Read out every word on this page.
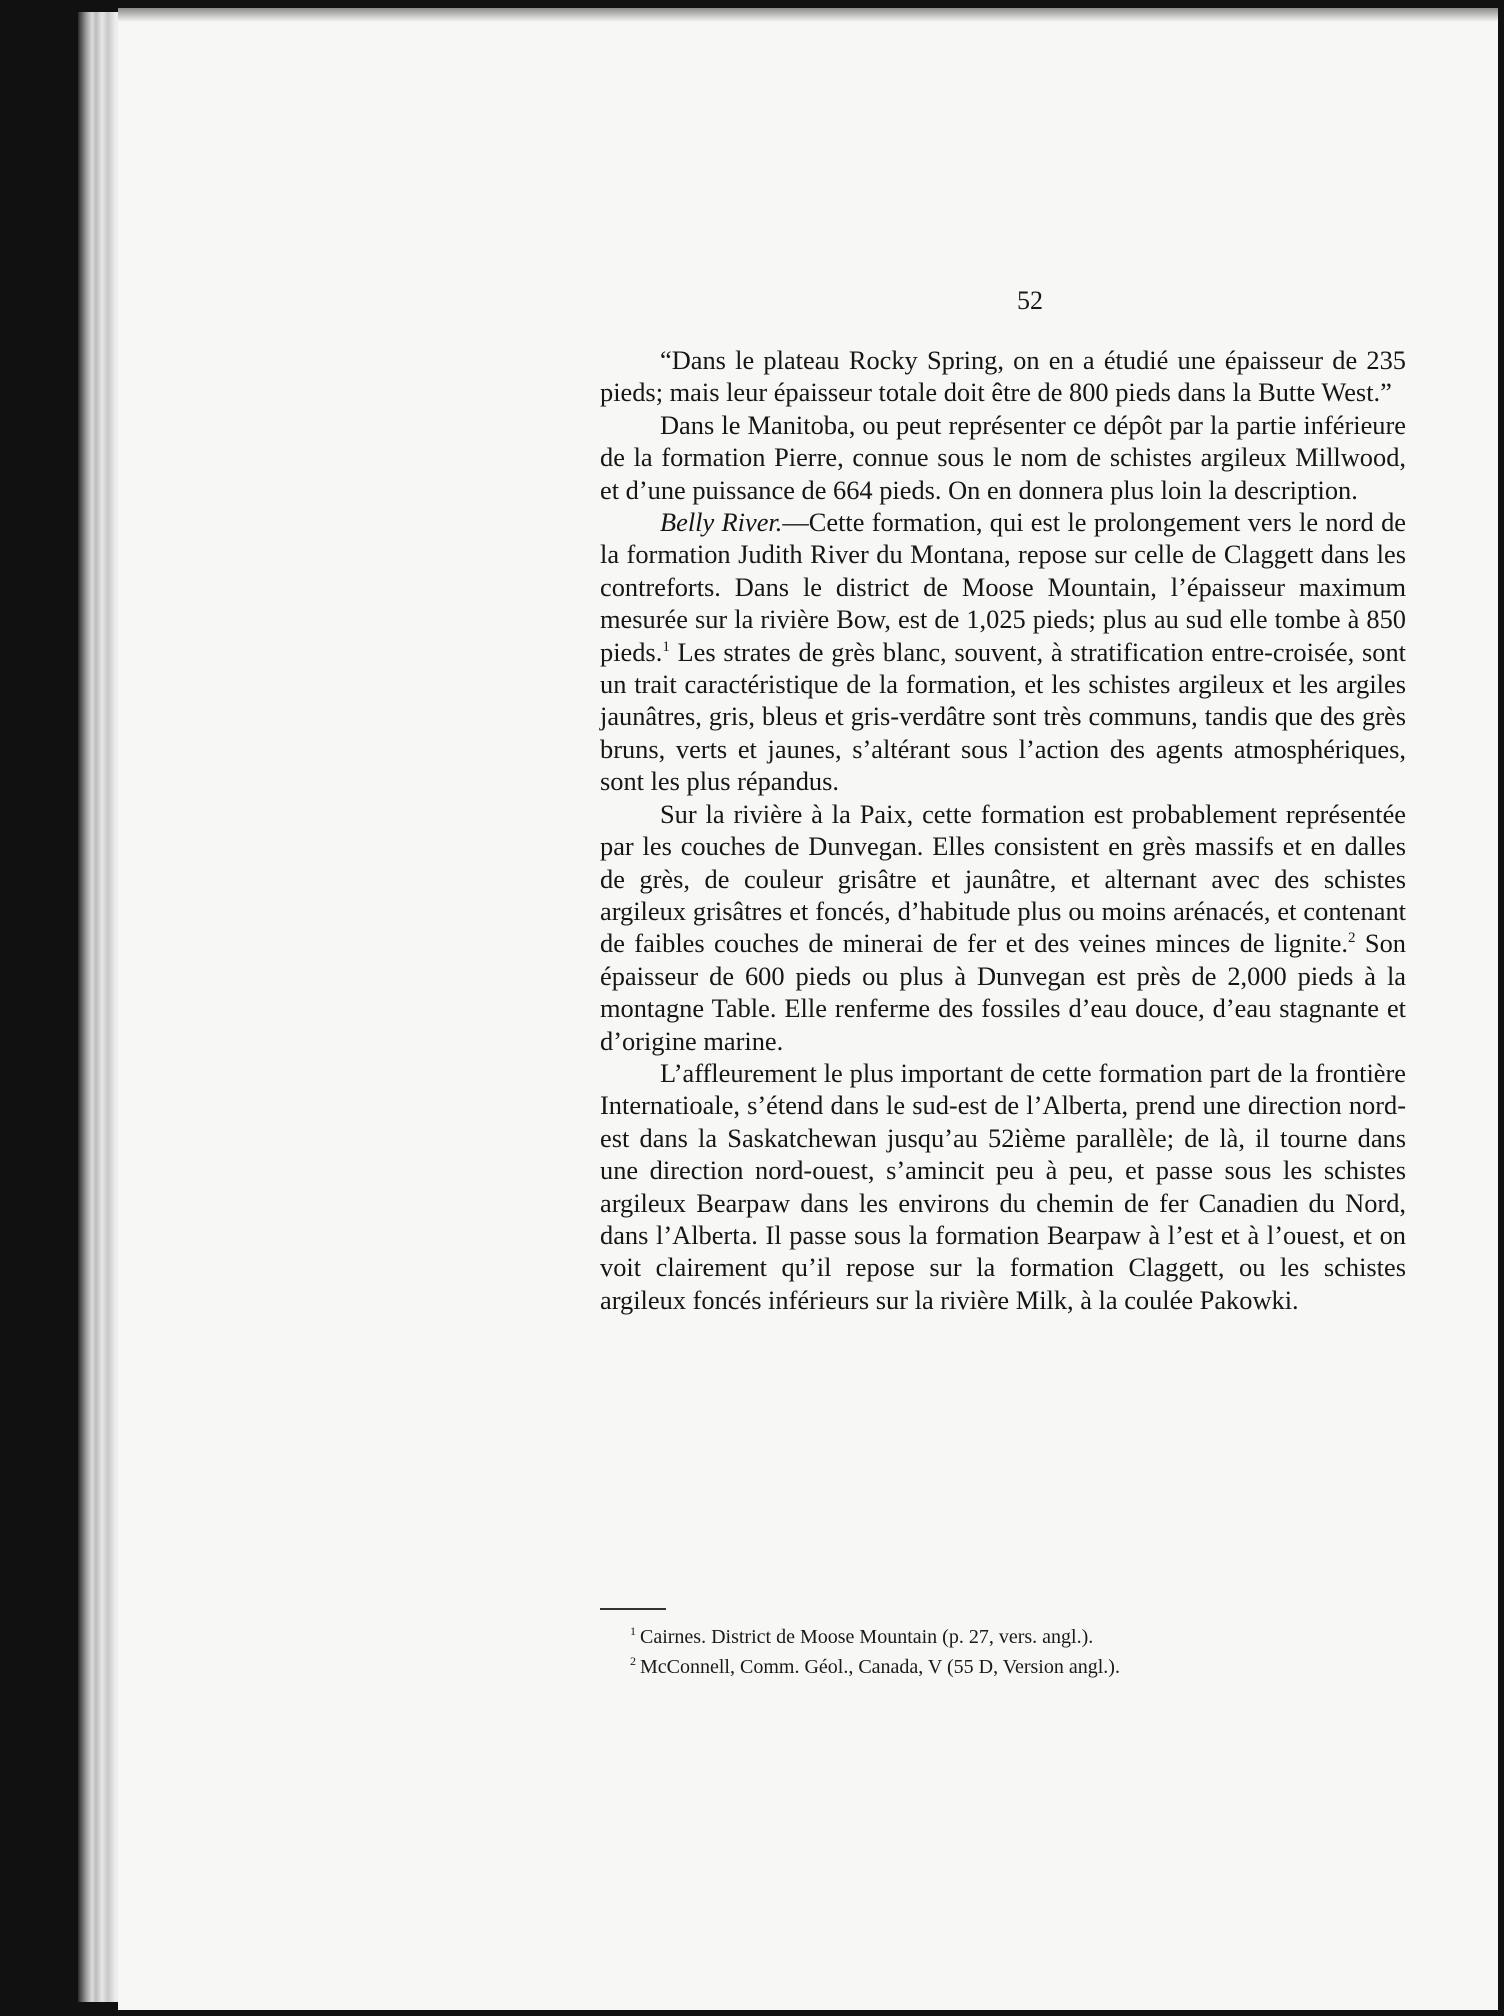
52

“Dans le plateau Rocky Spring, on en a étudié une épaisseur de 235 pieds; mais leur épaisseur totale doit être de 800 pieds dans la Butte West.”

Dans le Manitoba, ou peut représenter ce dépôt par la partie inférieure de la formation Pierre, connue sous le nom de schistes argileux Millwood, et d’une puissance de 664 pieds. On en donnera plus loin la description.

Belly River.—Cette formation, qui est le prolongement vers le nord de la formation Judith River du Montana, repose sur celle de Claggett dans les contreforts. Dans le district de Moose Mountain, l’épaisseur maximum mesurée sur la rivière Bow, est de 1,025 pieds; plus au sud elle tombe à 850 pieds.$^1$ Les strates de grès blanc, souvent, à stratification entre-croisée, sont un trait caractéristique de la formation, et les schistes argileux et les argiles jaunâtres, gris, bleus et gris-verdâtre sont très communs, tandis que des grès bruns, verts et jaunes, s’altérant sous l’action des agents atmosphériques, sont les plus répandus.

Sur la rivière à la Paix, cette formation est probablement représentée par les couches de Dunvegan. Elles consistent en grès massifs et en dalles de grès, de couleur grisâtre et jaunâtre, et alternant avec des schistes argileux grisâtres et foncés, d’habitude plus ou moins arénacés, et contenant de faibles couches de minerai de fer et des veines minces de lignite.$^2$ Son épaisseur de 600 pieds ou plus à Dunvegan est près de 2,000 pieds à la montagne Table. Elle renferme des fossiles d’eau douce, d’eau stagnante et d’origine marine.

L’affleurement le plus important de cette formation part de la frontière Internatioale, s’étend dans le sud-est de l’Alberta, prend une direction nord-est dans la Saskatchewan jusqu’au 52ième parallèle; de là, il tourne dans une direction nord-ouest, s’amincit peu à peu, et passe sous les schistes argileux Bearpaw dans les environs du chemin de fer Canadien du Nord, dans l’Alberta. Il passe sous la formation Bearpaw à l’est et à l’ouest, et on voit clairement qu’il repose sur la formation Claggett, ou les schistes argileux foncés inférieurs sur la rivière Milk, à la coulée Pakowki.

$^1$ Cairnes. District de Moose Mountain (p. 27, vers. angl.).
$^2$ McConnell, Comm. Géol., Canada, V (55 D, Version angl.).
